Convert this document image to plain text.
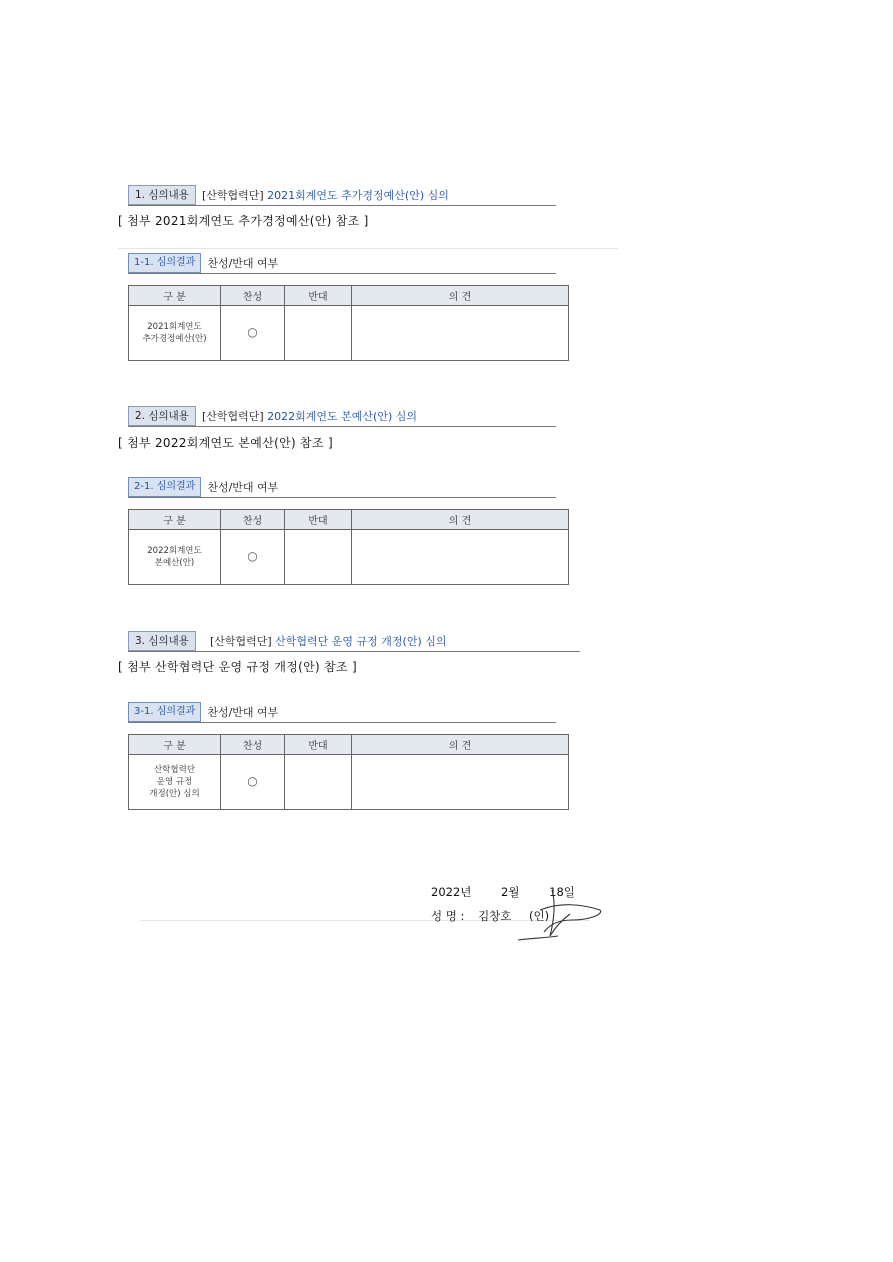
1. 심의내용	[산학협력단] 2021회계연도 추가경정예산(안) 심의
[ 첨부 2021회계연도 추가경정예산(안) 참조 ]
1-1. 심의결과	찬성/반대 여부
구 분	찬성	반대	의 견

2021회계연도
추가경정예산(안)	○		
2. 심의내용	[산학협력단] 2022회계연도 본예산(안) 심의
[ 첨부 2022회계연도 본예산(안) 참조 ]
2-1. 심의결과	찬성/반대 여부
구 분	찬성	반대	의 견

2022회계연도
본예산(안)	○		
3. 심의내용	[산학협력단] 산학협력단 운영 규정 개정(안) 심의
[ 첨부 산학협력단 운영 규정 개정(안) 참조 ]
3-1. 심의결과	찬성/반대 여부
구 분	찬성	반대	의 견

산학협력단
운영 규정
개정(안) 심의	○		
2022년	2월	18일
성 명 : 김창호 (인)
